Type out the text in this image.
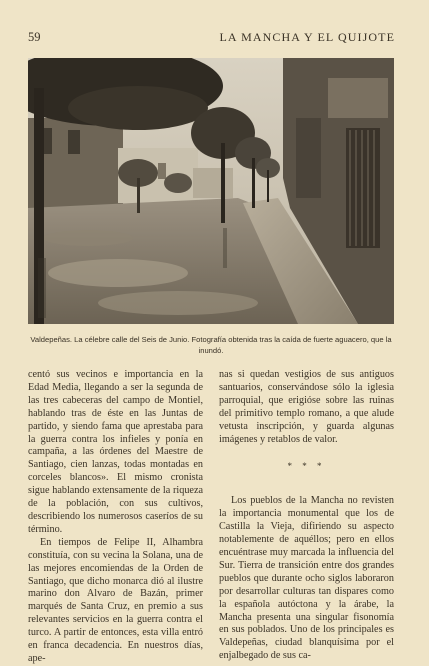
59	LA MANCHA Y EL QUIJOTE
Valdepeñas. La célebre calle del Seis de Junio. Fotografía obtenida tras la caída de fuerte aguacero, que la inundó.

centó sus vecinos e importancia en la Edad Media, llegando a ser la segunda de las tres cabeceras del campo de Montiel, hablando tras de éste en las Juntas de partido, y siendo fama que aprestaba para la guerra contra los infieles y ponía en campaña, a las órdenes del Maestre de Santiago, cien lanzas, todas montadas en corceles blancos». El mismo cronista sigue hablando extensamente de la riqueza de la población, con sus cultivos, describiendo los numerosos caseríos de su término.

En tiempos de Felipe II, Alhambra constituía, con su vecina la Solana, una de las mejores encomiendas de la Orden de Santiago, que dicho monarca dió al ilustre marino don Alvaro de Bazán, primer marqués de Santa Cruz, en premio a sus relevantes servicios en la guerra contra el turco. A partir de entonces, esta villa entró en franca decadencia. En nuestros días, ape-

nas si quedan vestigios de sus antiguos santuarios, conservándose sólo la iglesia parroquial, que erigióse sobre las ruinas del primitivo templo romano, a que alude vetusta inscripción, y guarda algunas imágenes y retablos de valor.

* * *

Los pueblos de la Mancha no revisten la importancia monumental que los de Castilla la Vieja, difiriendo su aspecto notablemente de aquéllos; pero en ellos encuéntrase muy marcada la influencia del Sur. Tierra de transición entre dos grandes pueblos que durante ocho siglos laboraron por desarrollar culturas tan dispares como la española autóctona y la árabe, la Mancha presenta una singular fisonomía en sus poblados. Uno de los principales es Valdepeñas, ciudad blanquísima por el enjalbegado de sus ca-
